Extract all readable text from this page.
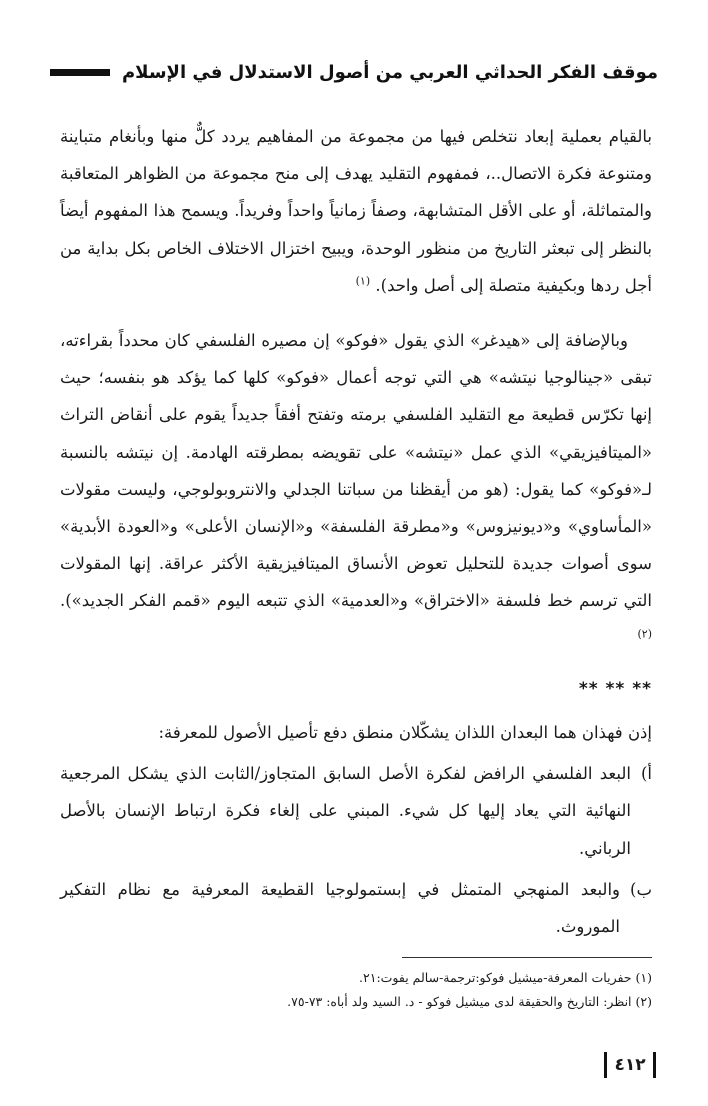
موقف الفكر الحداثي العربي من أصول الاستدلال في الإسلام

بالقيام بعملية إبعاد نتخلص فيها من مجموعة من المفاهيم يردد كلٌّ منها وبأنغام متباينة ومتنوعة فكرة الاتصال..، فمفهوم التقليد يهدف إلى منح مجموعة من الظواهر المتعاقبة والمتماثلة، أو على الأقل المتشابهة، وصفاً زمانياً واحداً وفريداً. ويسمح هذا المفهوم أيضاً بالنظر إلى تبعثر التاريخ من منظور الوحدة، ويبيح اختزال الاختلاف الخاص بكل بداية من أجل ردها وبكيفية متصلة إلى أصل واحد). $^{(١)}$

وبالإضافة إلى «هيدغر» الذي يقول «فوكو» إن مصيره الفلسفي كان محدداً بقراءته، تبقى «جينالوجيا نيتشه» هي التي توجه أعمال «فوكو» كلها كما يؤكد هو بنفسه؛ حيث إنها تكرّس قطيعة مع التقليد الفلسفي برمته وتفتح أفقاً جديداً يقوم على أنقاض التراث «الميتافيزيقي» الذي عمل «نيتشه» على تقويضه بمطرقته الهادمة. إن نيتشه بالنسبة لـ«فوكو» كما يقول: (هو من أيقظنا من سباتنا الجدلي والانتروبولوجي، وليست مقولات «المأساوي» و«ديونيزوس» و«مطرقة الفلسفة» و«الإنسان الأعلى» و«العودة الأبدية» سوى أصوات جديدة للتحليل تعوض الأنساق الميتافيزيقية الأكثر عراقة. إنها المقولات التي ترسم خط فلسفة «الاختراق» و«العدمية» الذي تتبعه اليوم «قمم الفكر الجديد»). $^{(٢)}$

** ** **

إذن فهذان هما البعدان اللذان يشكّلان منطق دفع تأصيل الأصول للمعرفة:

أ)
البعد الفلسفي الرافض لفكرة الأصل السابق المتجاوز/الثابت الذي يشكل المرجعية النهائية التي يعاد إليها كل شيء. المبني على إلغاء فكرة ارتباط الإنسان بالأصل الرباني.
ب)
والبعد المنهجي المتمثل في إبستمولوجيا القطيعة المعرفية مع نظام التفكير الموروث.

(١) حفريات المعرفة-ميشيل فوكو:ترجمة-سالم يفوت:٢١.

(٢) انظر: التاريخ والحقيقة لدى ميشيل فوكو - د. السيد ولد أباه: ٧٣-٧٥.

٤١٢
